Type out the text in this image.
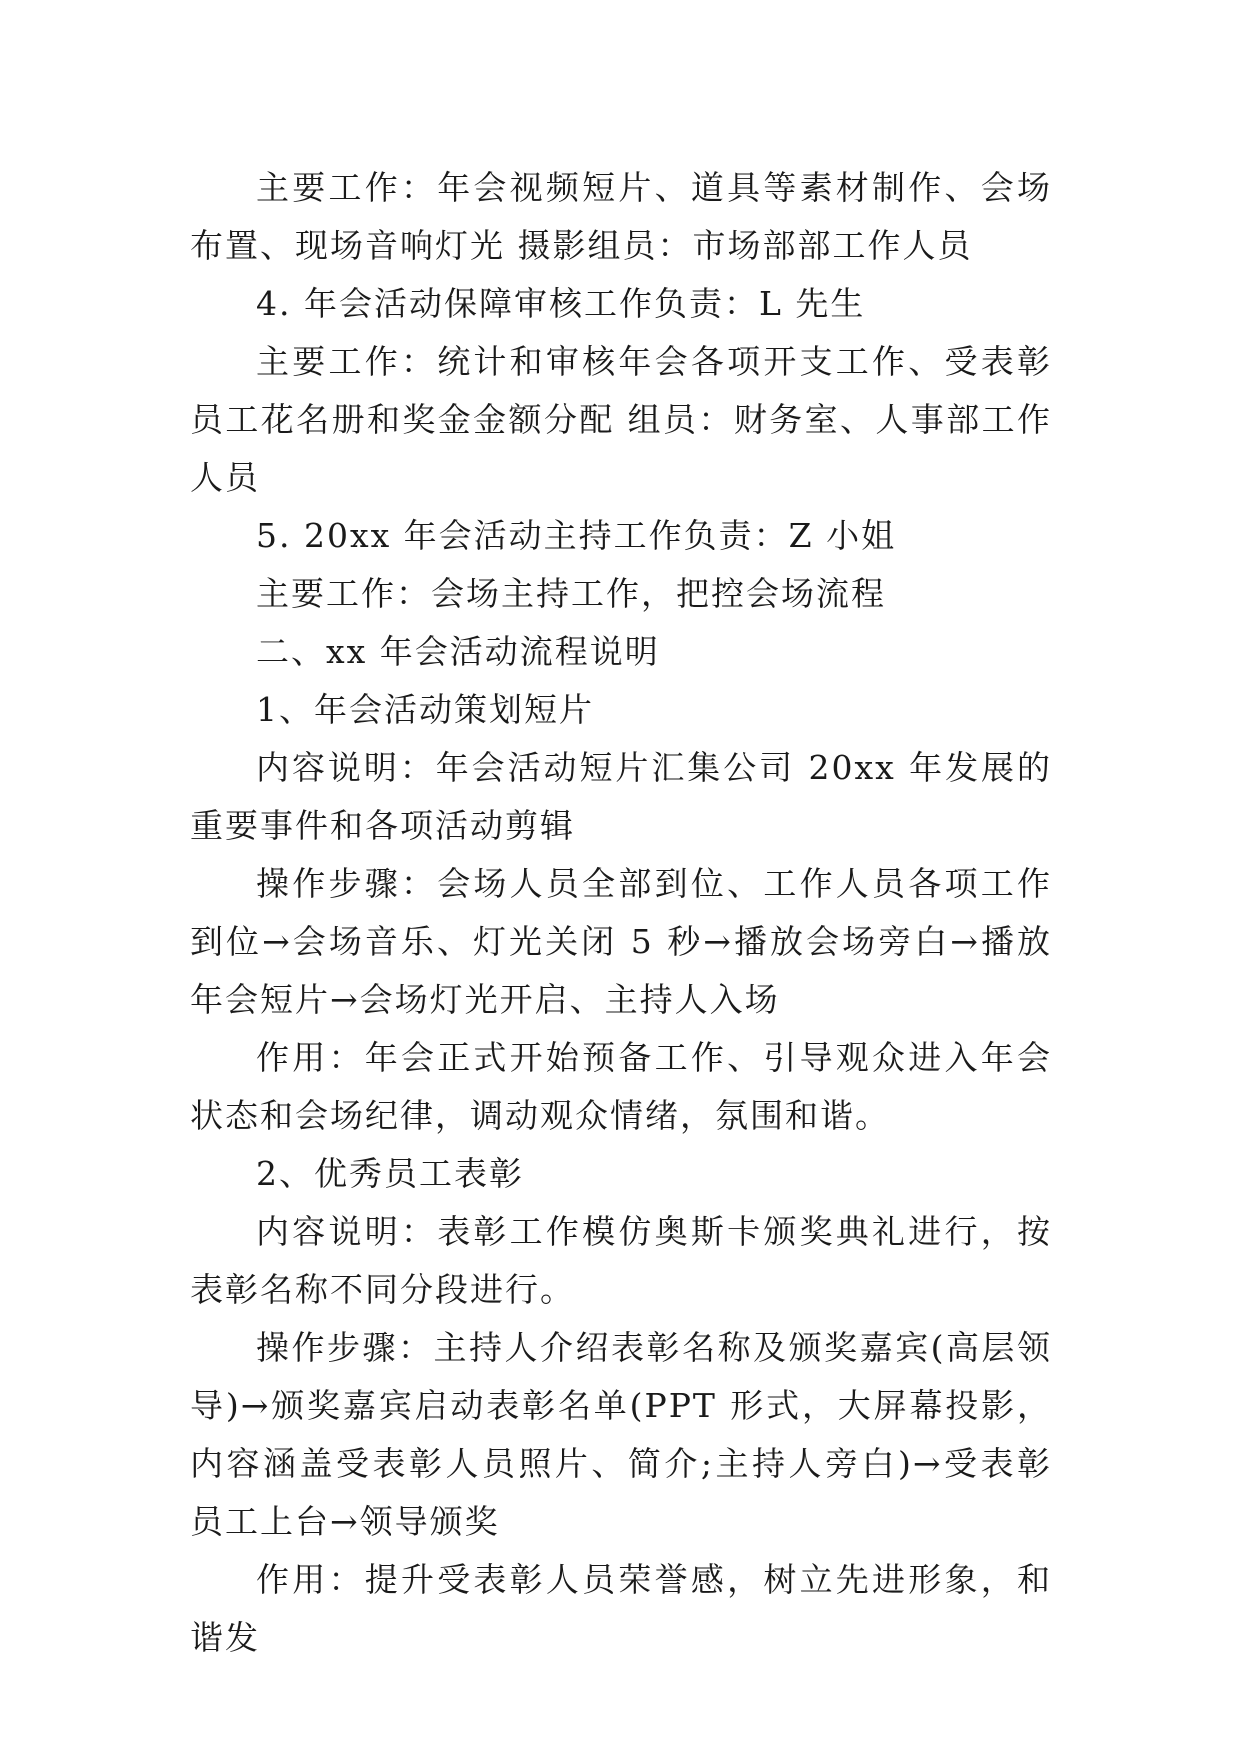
主要工作：年会视频短片、道具等素材制作、会场布置、现场音响灯光 摄影组员：市场部部工作人员

4. 年会活动保障审核工作负责：L 先生

主要工作：统计和审核年会各项开支工作、受表彰员工花名册和奖金金额分配 组员：财务室、人事部工作人员

5. 20xx 年会活动主持工作负责：Z 小姐

主要工作：会场主持工作，把控会场流程

二、xx 年会活动流程说明

1、年会活动策划短片

内容说明：年会活动短片汇集公司 20xx 年发展的重要事件和各项活动剪辑

操作步骤：会场人员全部到位、工作人员各项工作到位→会场音乐、灯光关闭 5 秒→播放会场旁白→播放年会短片→会场灯光开启、主持人入场

作用：年会正式开始预备工作、引导观众进入年会状态和会场纪律，调动观众情绪，氛围和谐。

2、优秀员工表彰

内容说明：表彰工作模仿奥斯卡颁奖典礼进行，按表彰名称不同分段进行。

操作步骤：主持人介绍表彰名称及颁奖嘉宾(高层领导)→颁奖嘉宾启动表彰名单(PPT 形式，大屏幕投影，内容涵盖受表彰人员照片、简介;主持人旁白)→受表彰员工上台→领导颁奖

作用：提升受表彰人员荣誉感，树立先进形象，和谐发
